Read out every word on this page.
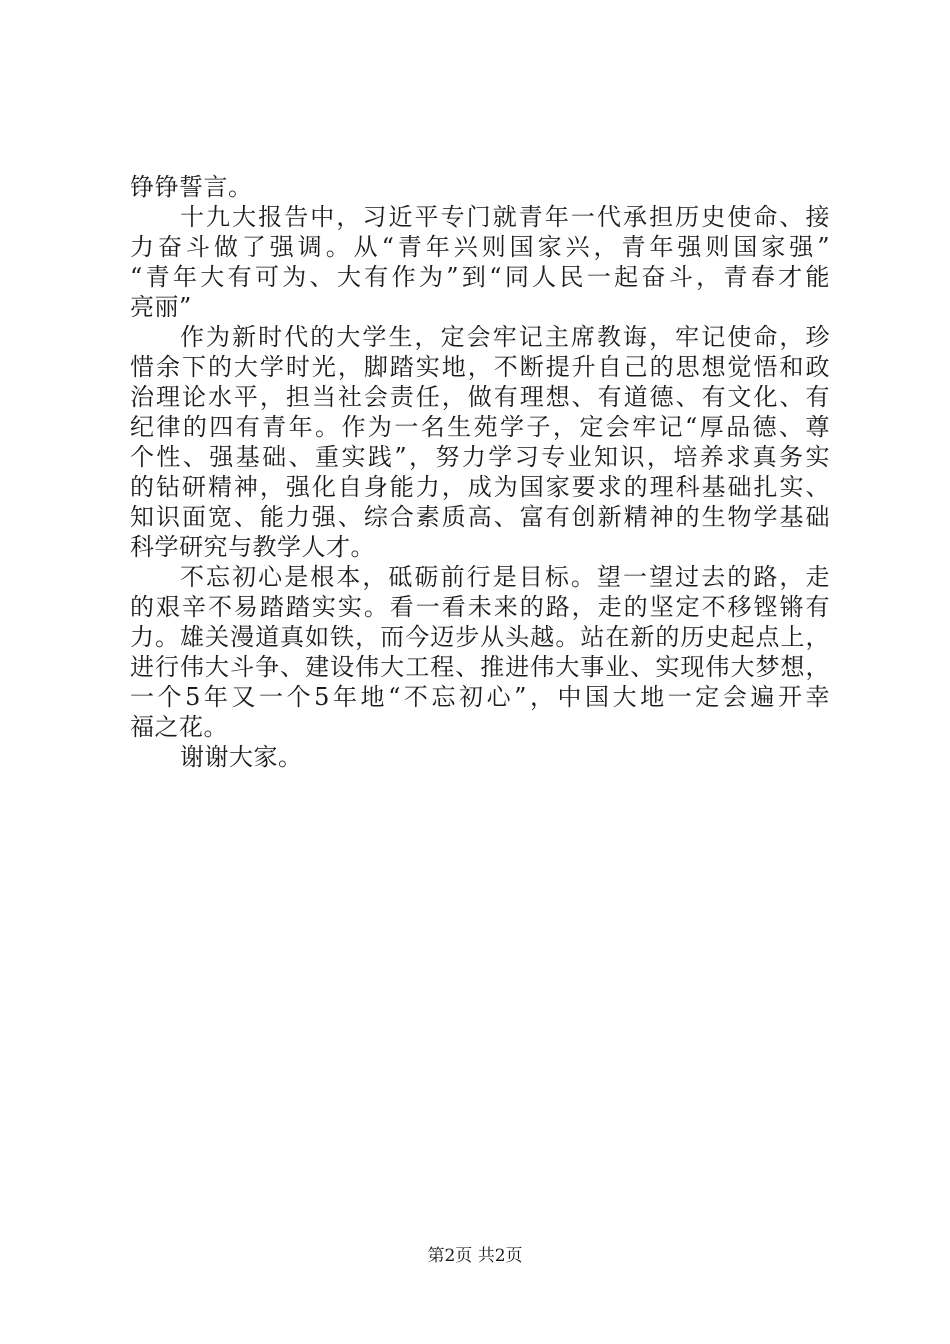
铮铮誓言。
十九大报告中，习近平专门就青年一代承担历史使命、接
力奋斗做了强调。从“青年兴则国家兴，青年强则国家强”
“青年大有可为、大有作为”到“同人民一起奋斗，青春才能
亮丽”
作为新时代的大学生，定会牢记主席教诲，牢记使命，珍
惜余下的大学时光，脚踏实地，不断提升自己的思想觉悟和政
治理论水平，担当社会责任，做有理想、有道德、有文化、有
纪律的四有青年。作为一名生苑学子，定会牢记“厚品德、尊
个性、强基础、重实践”，努力学习专业知识，培养求真务实
的钻研精神，强化自身能力，成为国家要求的理科基础扎实、
知识面宽、能力强、综合素质高、富有创新精神的生物学基础
科学研究与教学人才。
不忘初心是根本，砥砺前行是目标。望一望过去的路，走
的艰辛不易踏踏实实。看一看未来的路，走的坚定不移铿锵有
力。雄关漫道真如铁，而今迈步从头越。站在新的历史起点上，
进行伟大斗争、建设伟大工程、推进伟大事业、实现伟大梦想，
一个5年又一个5年地“不忘初心”，中国大地一定会遍开幸
福之花。
谢谢大家。
第2页 共2页
